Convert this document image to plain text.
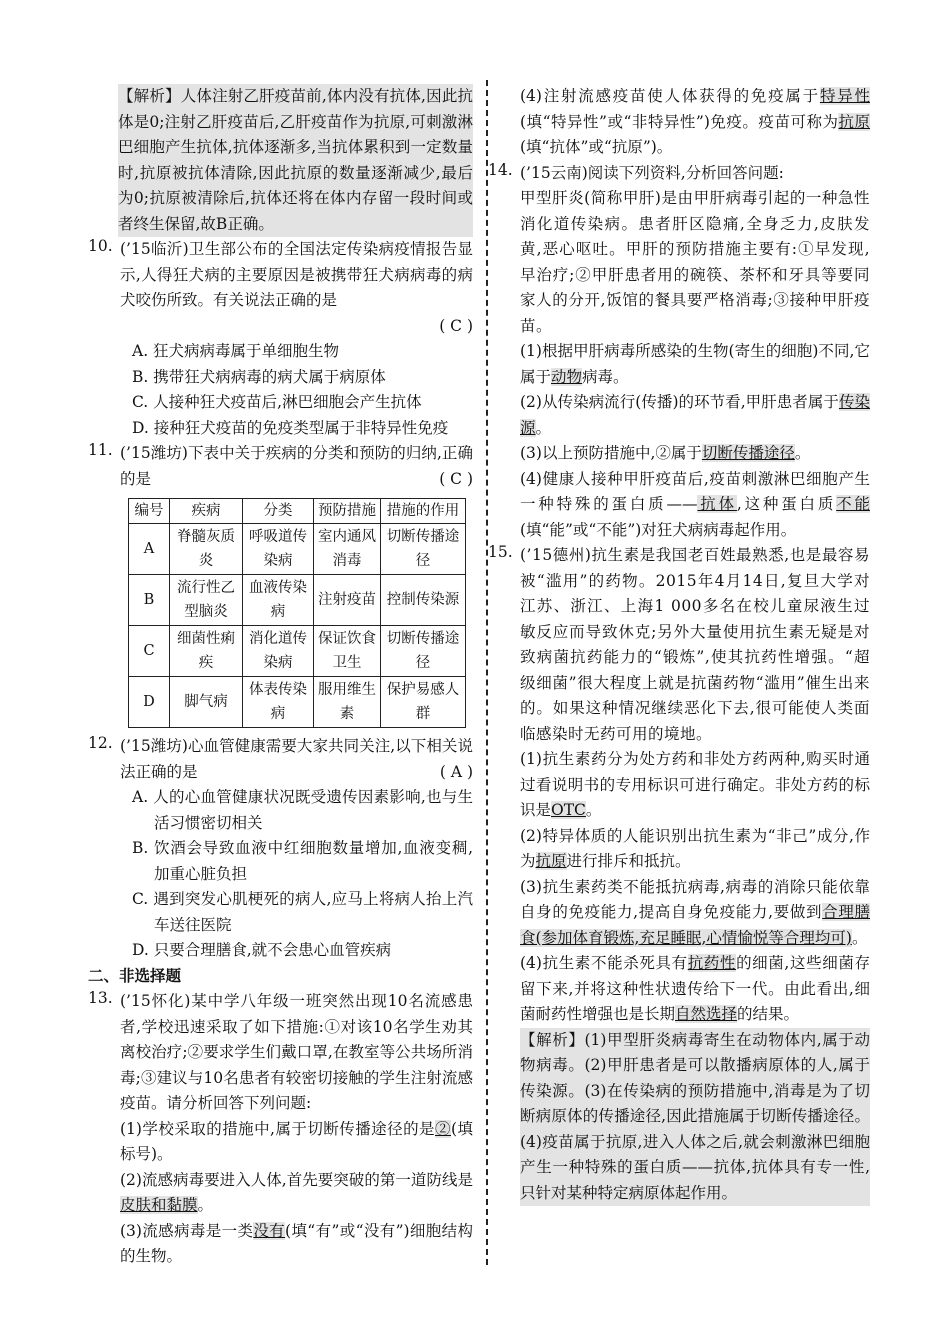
【解析】人体注射乙肝疫苗前,体内没有抗体,因此抗体是0;注射乙肝疫苗后,乙肝疫苗作为抗原,可刺激淋巴细胞产生抗体,抗体逐渐多,当抗体累积到一定数量时,抗原被抗体清除,因此抗原的数量逐渐减少,最后为0;抗原被清除后,抗体还将在体内存留一段时间或者终生保留,故B正确。

10. (’15临沂)卫生部公布的全国法定传染病疫情报告显示,人得狂犬病的主要原因是被携带狂犬病病毒的病犬咬伤所致。有关说法正确的是

( C )

A. 狂犬病病毒属于单细胞生物

B. 携带狂犬病病毒的病犬属于病原体

C. 人接种狂犬疫苗后,淋巴细胞会产生抗体

D. 接种狂犬疫苗的免疫类型属于非特异性免疫

11. (’15潍坊)下表中关于疾病的分类和预防的归纳,正确的是	( C )

编号	疾病	分类	预防措施	措施的作用
A	脊髓灰质炎	呼吸道传染病	室内通风消毒	切断传播途径
B	流行性乙型脑炎	血液传染病	注射疫苗	控制传染源
C	细菌性痢疾	消化道传染病	保证饮食卫生	切断传播途径
D	脚气病	体表传染病	服用维生素	保护易感人群
12. (’15潍坊)心血管健康需要大家共同关注,以下相关说法正确的是	( A )

A. 人的心血管健康状况既受遗传因素影响,也与生活习惯密切相关

B. 饮酒会导致血液中红细胞数量增加,血液变稠,加重心脏负担

C. 遇到突发心肌梗死的病人,应马上将病人抬上汽车送往医院

D. 只要合理膳食,就不会患心血管疾病

二、非选择题

13. (’15怀化)某中学八年级一班突然出现10名流感患者,学校迅速采取了如下措施:①对该10名学生劝其离校治疗;②要求学生们戴口罩,在教室等公共场所消毒;③建议与10名患者有较密切接触的学生注射流感疫苗。请分析回答下列问题:

(1)学校采取的措施中,属于切断传播途径的是②(填标号)。

(2)流感病毒要进入人体,首先要突破的第一道防线是皮肤和黏膜。

(3)流感病毒是一类没有(填“有”或“没有”)细胞结构的生物。

(4)注射流感疫苗使人体获得的免疫属于特异性(填“特异性”或“非特异性”)免疫。疫苗可称为抗原(填“抗体”或“抗原”)。

14. (’15云南)阅读下列资料,分析回答问题:

甲型肝炎(简称甲肝)是由甲肝病毒引起的一种急性消化道传染病。患者肝区隐痛,全身乏力,皮肤发黄,恶心呕吐。甲肝的预防措施主要有:①早发现,早治疗;②甲肝患者用的碗筷、茶杯和牙具等要同家人的分开,饭馆的餐具要严格消毒;③接种甲肝疫苗。

(1)根据甲肝病毒所感染的生物(寄生的细胞)不同,它属于动物病毒。

(2)从传染病流行(传播)的环节看,甲肝患者属于传染源。

(3)以上预防措施中,②属于切断传播途径。

(4)健康人接种甲肝疫苗后,疫苗刺激淋巴细胞产生一种特殊的蛋白质——抗体,这种蛋白质不能(填“能”或“不能”)对狂犬病病毒起作用。

15. (’15德州)抗生素是我国老百姓最熟悉,也是最容易被“滥用”的药物。2015年4月14日,复旦大学对江苏、浙江、上海1 000多名在校儿童尿液生过敏反应而导致休克;另外大量使用抗生素无疑是对致病菌抗药能力的“锻炼”,使其抗药性增强。“超级细菌”很大程度上就是抗菌药物“滥用”催生出来的。如果这种情况继续恶化下去,很可能使人类面临感染时无药可用的境地。

(1)抗生素药分为处方药和非处方药两种,购买时通过看说明书的专用标识可进行确定。非处方药的标识是OTC。

(2)特异体质的人能识别出抗生素为“非己”成分,作为抗原进行排斥和抵抗。

(3)抗生素药类不能抵抗病毒,病毒的消除只能依靠自身的免疫能力,提高自身免疫能力,要做到合理膳食(参加体育锻炼,充足睡眠,心情愉悦等合理均可)。

(4)抗生素不能杀死具有抗药性的细菌,这些细菌存留下来,并将这种性状遗传给下一代。由此看出,细菌耐药性增强也是长期自然选择的结果。

【解析】(1)甲型肝炎病毒寄生在动物体内,属于动物病毒。(2)甲肝患者是可以散播病原体的人,属于传染源。(3)在传染病的预防措施中,消毒是为了切断病原体的传播途径,因此措施属于切断传播途径。(4)疫苗属于抗原,进入人体之后,就会刺激淋巴细胞产生一种特殊的蛋白质——抗体,抗体具有专一性,只针对某种特定病原体起作用。
